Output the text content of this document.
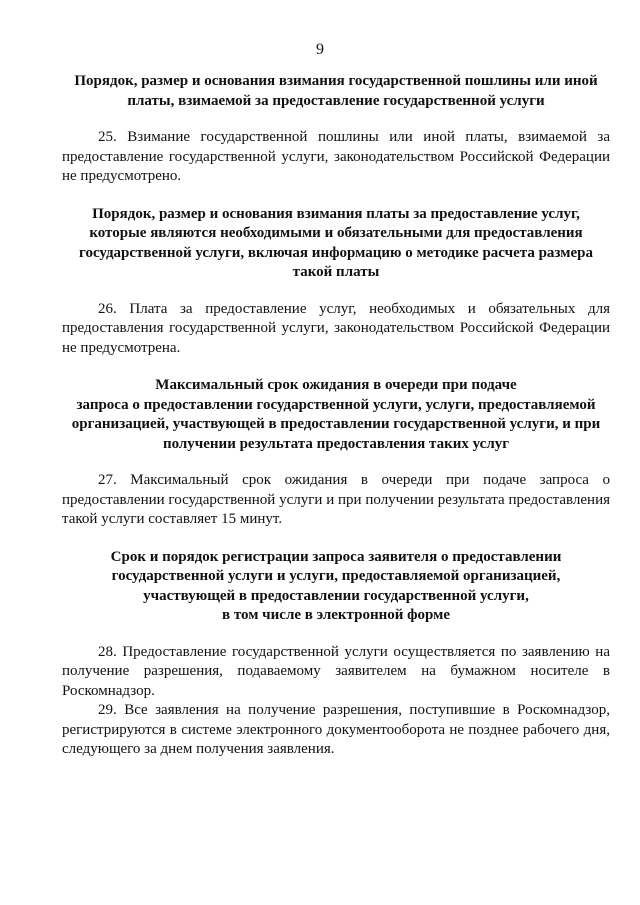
9
Порядок, размер и основания взимания государственной пошлины или иной
платы, взимаемой за предоставление государственной услуги

25. Взимание государственной пошлины или иной платы, взимаемой за предоставление государственной услуги, законодательством Российской Федерации не предусмотрено.

Порядок, размер и основания взимания платы за предоставление услуг,
которые являются необходимыми и обязательными для предоставления
государственной услуги, включая информацию о методике расчета размера
такой платы

26. Плата за предоставление услуг, необходимых и обязательных для предоставления государственной услуги, законодательством Российской Федерации не предусмотрена.

Максимальный срок ожидания в очереди при подаче
запроса о предоставлении государственной услуги, услуги, предоставляемой
организацией, участвующей в предоставлении государственной услуги, и при
получении результата предоставления таких услуг

27. Максимальный срок ожидания в очереди при подаче запроса о предоставлении государственной услуги и при получении результата предоставления такой услуги составляет 15 минут.

Срок и порядок регистрации запроса заявителя о предоставлении
государственной услуги и услуги, предоставляемой организацией,
участвующей в предоставлении государственной услуги,
в том числе в электронной форме

28. Предоставление государственной услуги осуществляется по заявлению на получение разрешения, подаваемому заявителем на бумажном носителе в Роскомнадзор.

29. Все заявления на получение разрешения, поступившие в Роскомнадзор, регистрируются в системе электронного документооборота не позднее рабочего дня, следующего за днем получения заявления.
